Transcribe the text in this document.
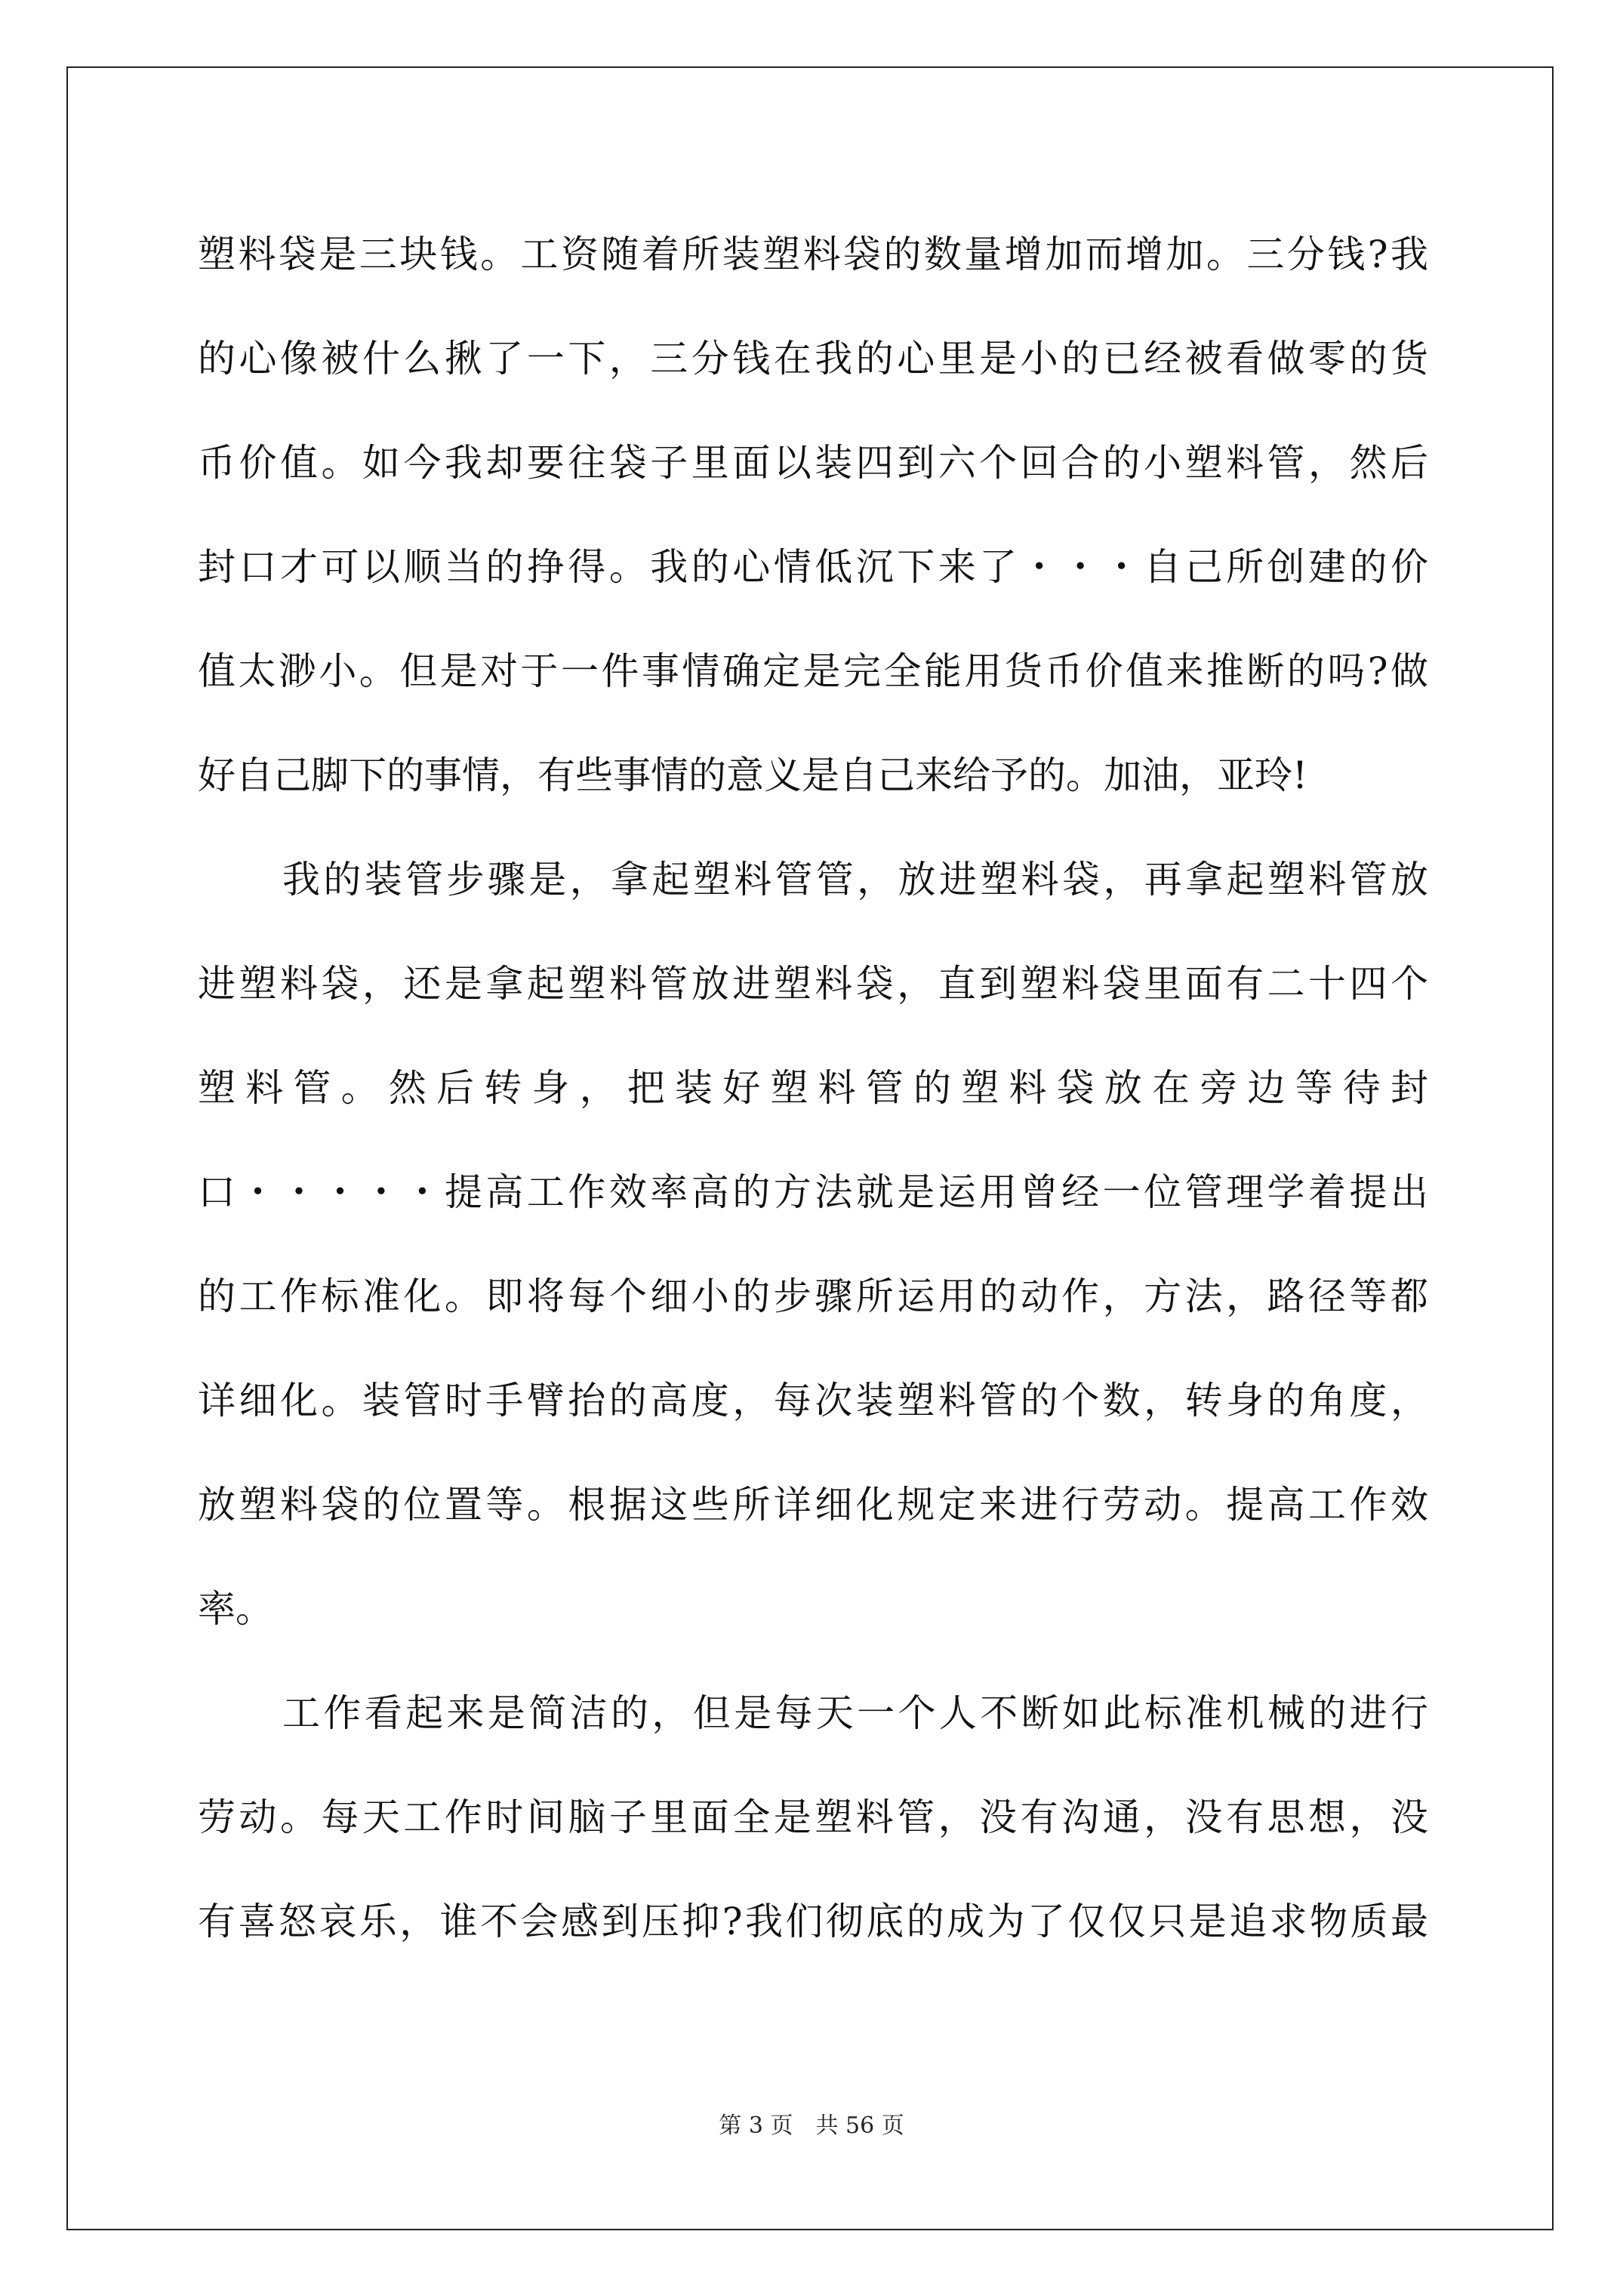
塑料袋是三块钱。工资随着所装塑料袋的数量增加而增加。三分钱?我
的心像被什么揪了一下，三分钱在我的心里是小的已经被看做零的货
币价值。如今我却要往袋子里面以装四到六个回合的小塑料管，然后
封口才可以顺当的挣得。我的心情低沉下来了・・・自己所创建的价
值太渺小。但是对于一件事情确定是完全能用货币价值来推断的吗?做
好自己脚下的事情，有些事情的意义是自己来给予的。加油，亚玲!
我的装管步骤是，拿起塑料管管，放进塑料袋，再拿起塑料管放
进塑料袋，还是拿起塑料管放进塑料袋，直到塑料袋里面有二十四个
塑料管。然后转身，把装好塑料管的塑料袋放在旁边等待封
口・・・・・提高工作效率高的方法就是运用曾经一位管理学着提出
的工作标准化。即将每个细小的步骤所运用的动作，方法，路径等都
详细化。装管时手臂抬的高度，每次装塑料管的个数，转身的角度，
放塑料袋的位置等。根据这些所详细化规定来进行劳动。提高工作效
率。
工作看起来是简洁的，但是每天一个人不断如此标准机械的进行
劳动。每天工作时间脑子里面全是塑料管，没有沟通，没有思想，没
有喜怒哀乐，谁不会感到压抑?我们彻底的成为了仅仅只是追求物质最
第 3 页　共 56 页
